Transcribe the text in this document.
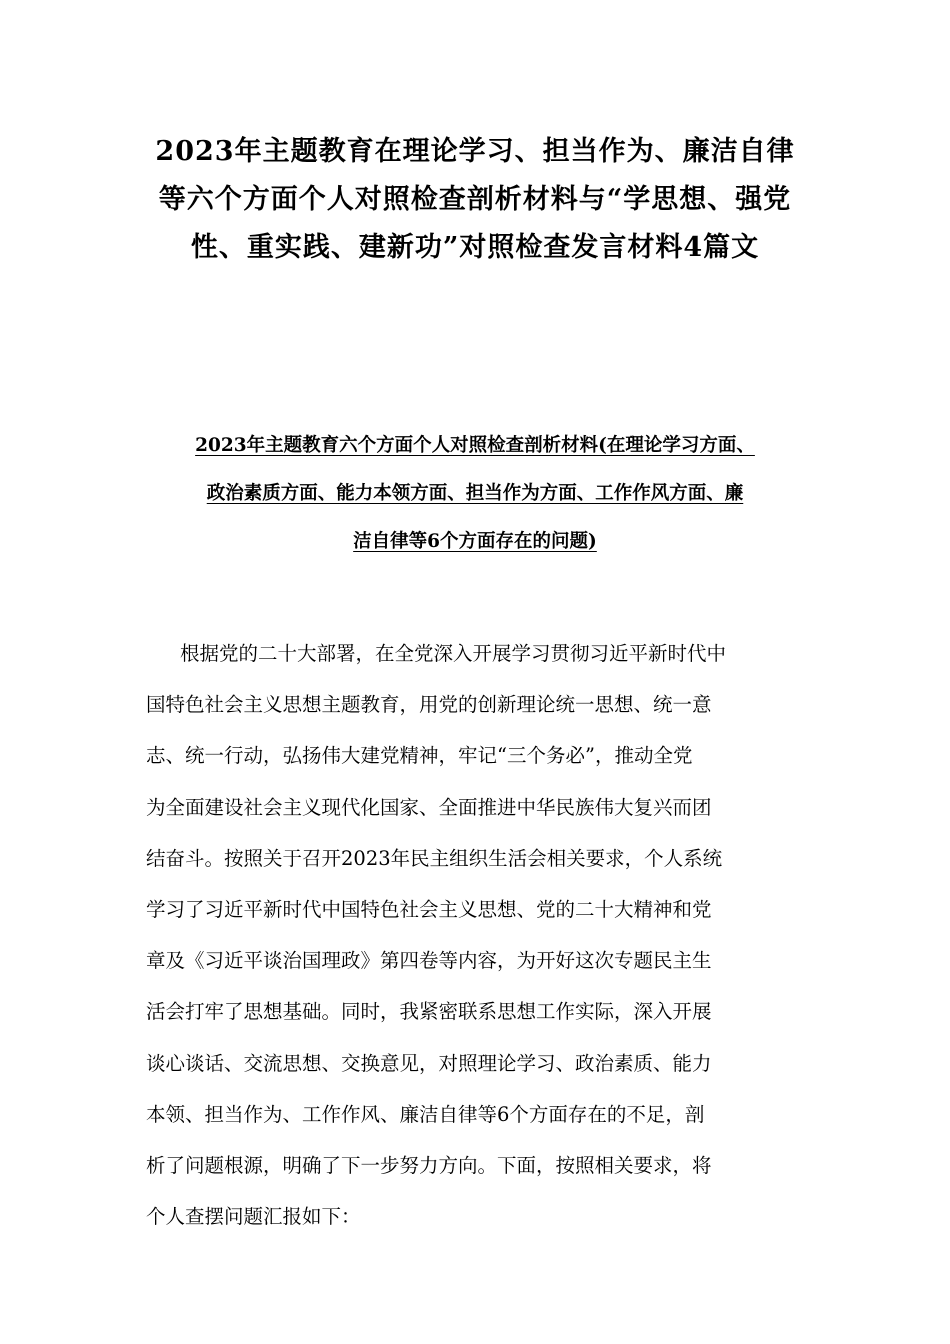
2023年主题教育在理论学习、担当作为、廉洁自律
等六个方面个人对照检查剖析材料与“学思想、强党
性、重实践、建新功”对照检查发言材料4篇文
2023年主题教育六个方面个人对照检查剖析材料(在理论学习方面、
政治素质方面、能力本领方面、担当作为方面、工作作风方面、廉
洁自律等6个方面存在的问题)
根据党的二十大部署，在全党深入开展学习贯彻习近平新时代中
国特色社会主义思想主题教育，用党的创新理论统一思想、统一意
志、统一行动，弘扬伟大建党精神，牢记“三个务必”，推动全党
为全面建设社会主义现代化国家、全面推进中华民族伟大复兴而团
结奋斗。按照关于召开2023年民主组织生活会相关要求，个人系统
学习了习近平新时代中国特色社会主义思想、党的二十大精神和党
章及《习近平谈治国理政》第四卷等内容，为开好这次专题民主生
活会打牢了思想基础。同时，我紧密联系思想工作实际，深入开展
谈心谈话、交流思想、交换意见，对照理论学习、政治素质、能力
本领、担当作为、工作作风、廉洁自律等6个方面存在的不足，剖
析了问题根源，明确了下一步努力方向。下面，按照相关要求，将
个人查摆问题汇报如下：
